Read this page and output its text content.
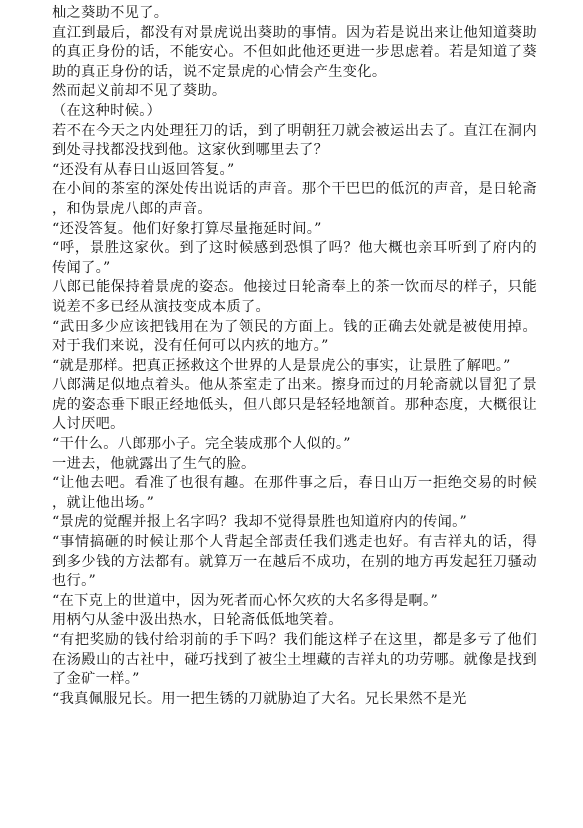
杣之葵助不见了。

直江到最后，都没有对景虎说出葵助的事情。因为若是说出来让他知道葵助的真正身份的话，不能安心。不但如此他还更进一步思虑着。若是知道了葵助的真正身份的话，说不定景虎的心情会产生变化。

然而起义前却不见了葵助。

（在这种时候。）

若不在今天之内处理狂刀的话，到了明朝狂刀就会被运出去了。直江在洞内到处寻找都没找到他。这家伙到哪里去了？

“还没有从春日山返回答复。”

在小间的茶室的深处传出说话的声音。那个干巴巴的低沉的声音，是日轮斋，和伪景虎八郎的声音。

“还没答复。他们好象打算尽量拖延时间。”

“呼，景胜这家伙。到了这时候感到恐惧了吗？他大概也亲耳听到了府内的传闻了。”

八郎已能保持着景虎的姿态。他接过日轮斋奉上的茶一饮而尽的样子，只能说差不多已经从演技变成本质了。

“武田多少应该把钱用在为了领民的方面上。钱的正确去处就是被使用掉。对于我们来说，没有任何可以内疚的地方。”

“就是那样。把真正拯救这个世界的人是景虎公的事实，让景胜了解吧。”

八郎满足似地点着头。他从茶室走了出来。擦身而过的月轮斋就以冒犯了景虎的姿态垂下眼正经地低头，但八郎只是轻轻地颔首。那种态度，大概很让人讨厌吧。

“干什么。八郎那小子。完全装成那个人似的。”

一进去，他就露出了生气的脸。

“让他去吧。看准了也很有趣。在那件事之后，春日山万一拒绝交易的时候，就让他出场。”

“景虎的觉醒并报上名字吗？我却不觉得景胜也知道府内的传闻。”

“事情搞砸的时候让那个人背起全部责任我们逃走也好。有吉祥丸的话，得到多少钱的方法都有。就算万一在越后不成功，在别的地方再发起狂刀骚动也行。”

“在下克上的世道中，因为死者而心怀欠疚的大名多得是啊。”

用柄勺从釜中汲出热水，日轮斋低低地笑着。

“有把奖励的钱付给羽前的手下吗？我们能这样子在这里，都是多亏了他们在汤殿山的古社中，碰巧找到了被尘土埋藏的吉祥丸的功劳哪。就像是找到了金矿一样。”

“我真佩服兄长。用一把生锈的刀就胁迫了大名。兄长果然不是光
